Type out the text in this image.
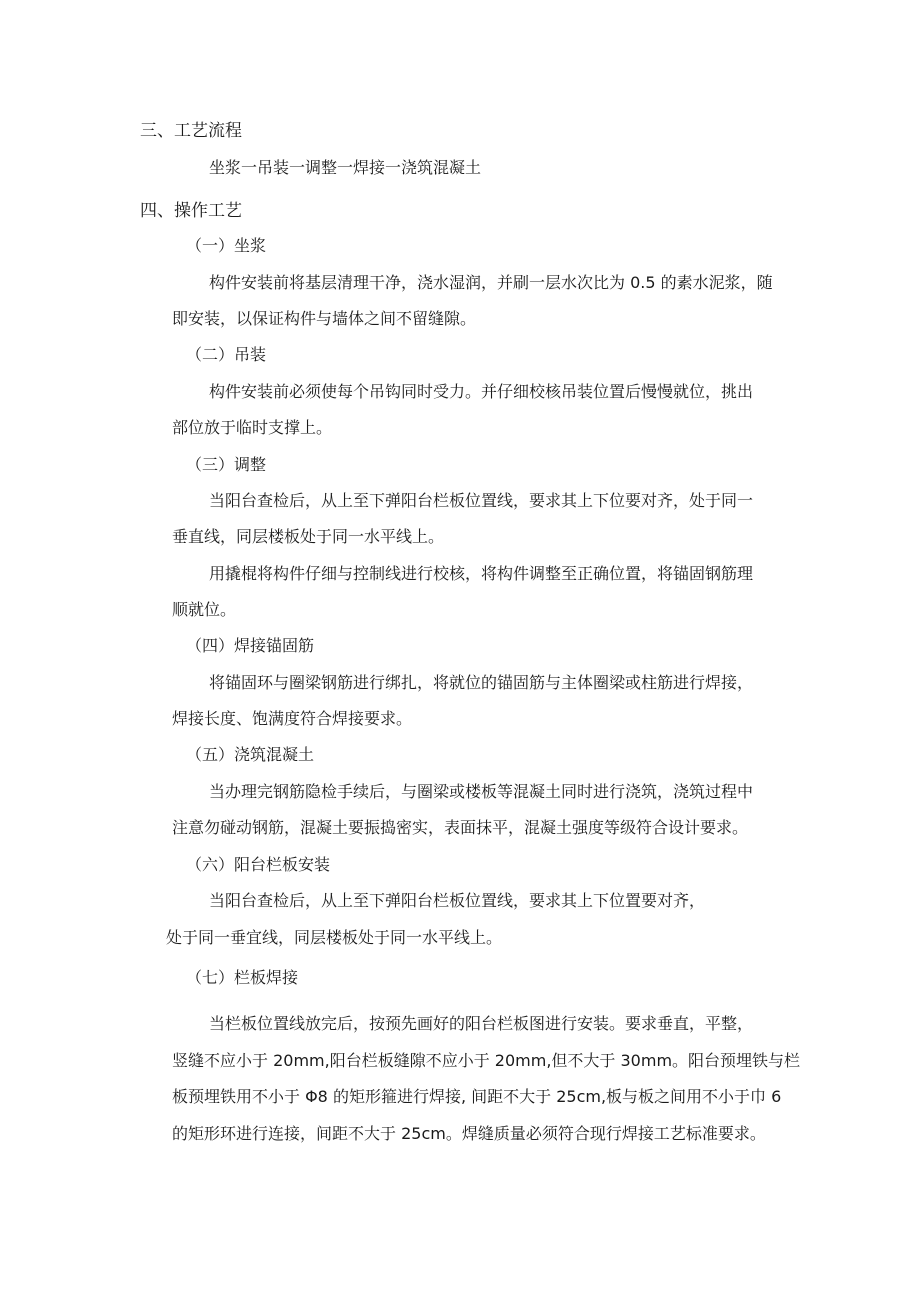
三、工艺流程
坐浆一吊装一调整一焊接一浇筑混凝土
四、操作工艺
（一）坐浆
构件安装前将基层清理干净，浇水湿润，并刷一层水次比为 0.5 的素水泥浆，随
即安装，以保证构件与墙体之间不留缝隙。
（二）吊装
构件安装前必须使每个吊钩同时受力。并仔细校核吊装位置后慢慢就位，挑出
部位放于临时支撑上。
（三）调整
当阳台查检后，从上至下弹阳台栏板位置线，要求其上下位要对齐，处于同一
垂直线，同层楼板处于同一水平线上。
用撬棍将构件仔细与控制线进行校核，将构件调整至正确位置，将锚固钢筋理
顺就位。
（四）焊接锚固筋
将锚固环与圈梁钢筋进行绑扎，将就位的锚固筋与主体圈梁或柱筋进行焊接，
焊接长度、饱满度符合焊接要求。
（五）浇筑混凝土
当办理完钢筋隐检手续后，与圈梁或楼板等混凝土同时进行浇筑，浇筑过程中
注意勿碰动钢筋，混凝土要振捣密实，表面抹平，混凝土强度等级符合设计要求。
（六）阳台栏板安装
当阳台查检后，从上至下弹阳台栏板位置线，要求其上下位置要对齐，
处于同一垂宜线，同层楼板处于同一水平线上。
（七）栏板焊接
当栏板位置线放完后，按预先画好的阳台栏板图进行安装。要求垂直，平整，
竖缝不应小于 20mm,阳台栏板缝隙不应小于 20mm,但不大于 30mm。阳台预埋铁与栏
板预埋铁用不小于 Φ8 的矩形箍进行焊接, 间距不大于 25cm,板与板之间用不小于巾 6
的矩形环进行连接，间距不大于 25cm。焊缝质量必须符合现行焊接工艺标准要求。
